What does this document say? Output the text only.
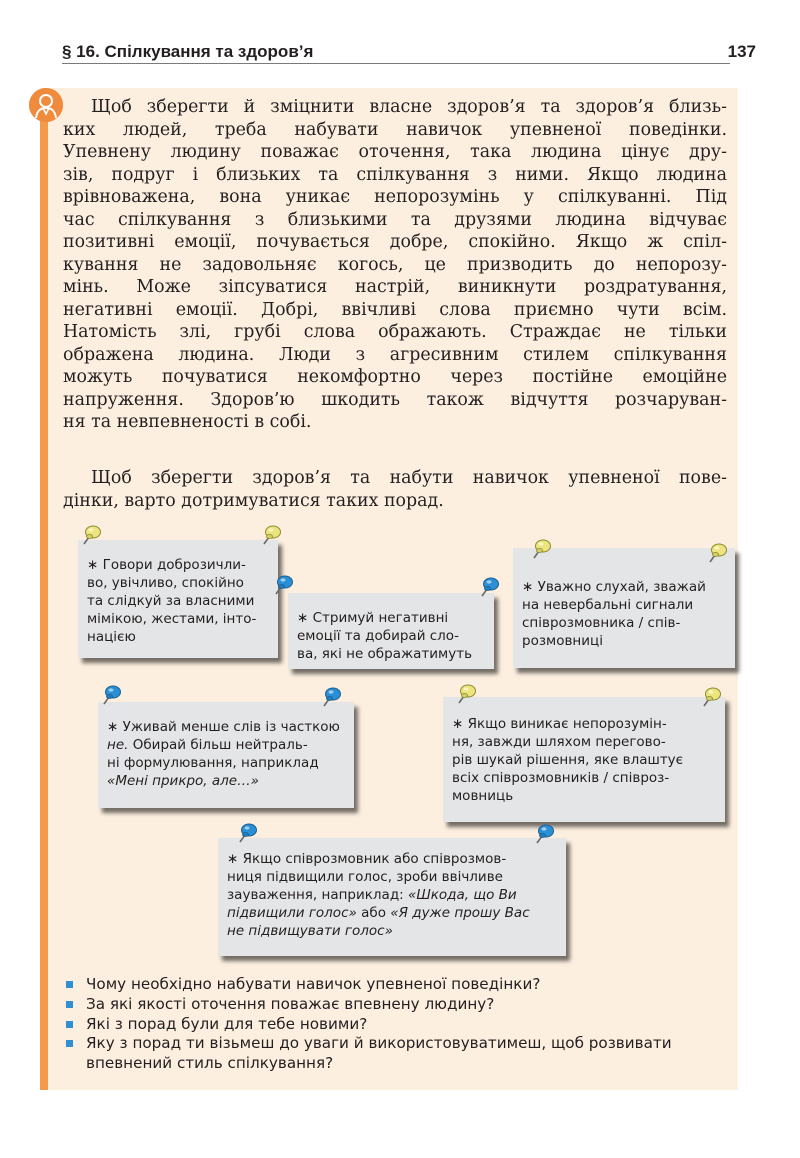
§ 16. Спілкування та здоров’я	137
Щоб зберегти й зміцнити власне здоров’я та здоров’я близь-
ких людей, треба набувати навичок упевненої поведінки.
Упевнену людину поважає оточення, така людина цінує дру-
зів, подруг і близьких та спілкування з ними. Якщо людина
врівноважена, вона уникає непорозумінь у спілкуванні. Під
час спілкування з близькими та друзями людина відчуває
позитивні емоції, почувається добре, спокійно. Якщо ж спіл-
кування не задовольняє когось, це призводить до непорозу-
мінь. Може зіпсуватися настрій, виникнути роздратування,
негативні емоції. Добрі, ввічливі слова приємно чути всім.
Натомість злі, грубі слова ображають. Страждає не тільки
ображена людина. Люди з агресивним стилем спілкування
можуть почуватися некомфортно через постійне емоційне
напруження. Здоров’ю шкодить також відчуття розчаруван-
ня та невпевненості в собі.
Щоб зберегти здоров’я та набути навичок упевненої пове-
дінки, варто дотримуватися таких порад.
∗ Говори доброзичли-
во, увічливо, спокійно
та слідкуй за власними
мімікою, жестами, інто-
нацією
∗ Стримуй негативні
емоції та добирай сло-
ва, які не ображатимуть
∗ Уважно слухай, зважай
на невербальні сигнали
співрозмовника / спів-
розмовниці
∗ Уживай менше слів із часткою
не. Обирай більш нейтраль-
ні формулювання, наприклад
«Мені прикро, але…»
∗ Якщо виникає непорозумін-
ня, завжди шляхом перегово-
рів шукай рішення, яке влаштує
всіх співрозмовників / співроз-
мовниць
∗ Якщо співрозмовник або співрозмов-
ниця підвищили голос, зроби ввічливе
зауваження, наприклад: «Шкода, що Ви
підвищили голос» або «Я дуже прошу Вас
не підвищувати голос»
Чому необхідно набувати навичок упевненої поведінки?
За які якості оточення поважає впевнену людину?
Які з порад були для тебе новими?
Яку з порад ти візьмеш до уваги й використовуватимеш, щоб розвивати
впевнений стиль спілкування?
